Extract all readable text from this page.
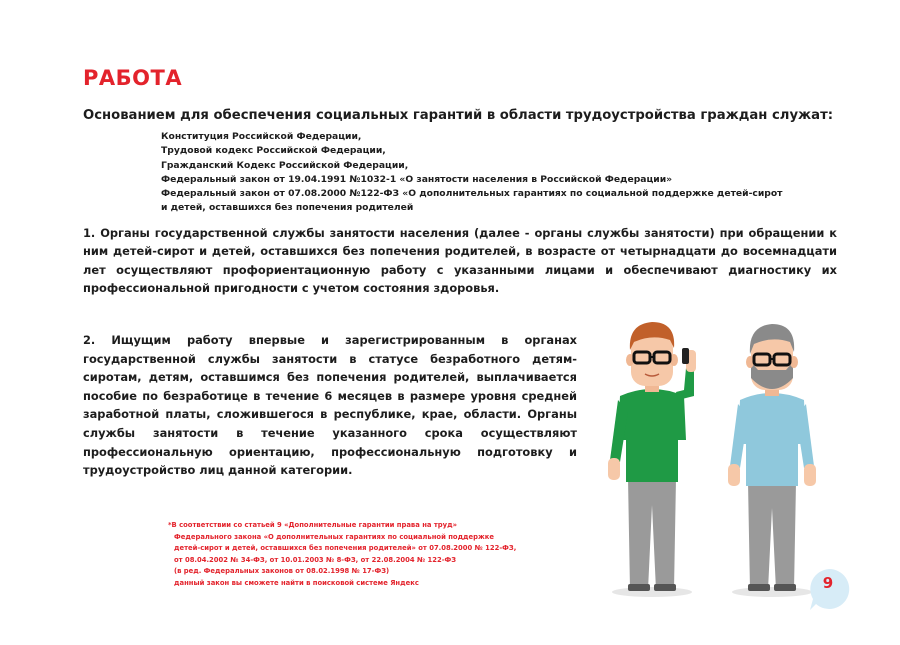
РАБОТА
Основанием для обеспечения социальных гарантий в области трудоустройства граждан служат:
Конституция Российской Федерации,
Трудовой кодекс Российской Федерации,
Гражданский Кодекс Российской Федерации,
Федеральный закон от 19.04.1991 №1032-1 «О занятости населения в Российской Федерации»
Федеральный закон от 07.08.2000 №122-ФЗ «О дополнительных гарантиях по социальной поддержке детей-сирот
и детей, оставшихся без попечения родителей
1. Органы государственной службы занятости населения (далее - органы службы занятости) при обращении к ним детей-сирот и детей, оставшихся без попечения родителей, в возрасте от четырнадцати до восемнадцати лет осуществляют профориентационную работу с указанными лицами и обеспечивают диагностику их профессиональной пригодности с учетом состояния здоровья.
2. Ищущим работу впервые и зарегистрированным в органах государственной службы занятости в статусе безработного детям-сиротам, детям, оставшимся без попечения родителей, выплачивается пособие по безработице в течение 6 месяцев в размере уровня средней заработной платы, сложившегося в республике, крае, области. Органы службы занятости в течение указанного срока осуществляют профессиональную ориентацию, профессиональную подготовку и трудоустройство лиц данной категории.
*В соответствии со статьей 9 «Дополнительные гарантии права на труд»
Федерального закона «О дополнительных гарантиях по социальной поддержке
детей-сирот и детей, оставшихся без попечения родителей» от 07.08.2000 № 122-ФЗ,
от 08.04.2002 № 34-ФЗ, от 10.01.2003 № 8-ФЗ, от 22.08.2004 № 122-ФЗ
(в ред. Федеральных законов от 08.02.1998 № 17-ФЗ)
данный закон вы сможете найти в поисковой системе Яндекс	9
